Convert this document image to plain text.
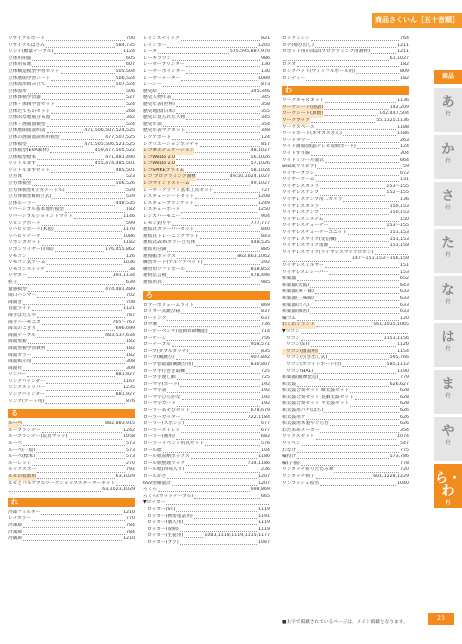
商品さくいん［五十音順］
リサイクルボード	700
リサイクルはさみ	584,735
リジイ(糖量テーブル)	1124
立体用胡面	605
立体用布地	607
立体構造模型学習セット	505,504
立体展開学習シート	506,524
立体図形組み立て	507,524
立体図形	506
立体体積学習器	527
立体・体積学習セット	524
立体たてものセット	268
立体的な地層分布図	342
立体・展開図模型	524
立体展開図説明書	471,506,507,524,525
立体の展開図説明用模型	477,507,525
立体模型	471,505,506,523,525
立体模型(EVA素材)	459,477,505,522
立体模型標本	471,481,490
リットルます	455,474,485,501
リットルますセット	485,501
立方体	523
立方体模型	506,526
立方体模型Ⅰ(立方メートル)	529
立方体模型Ⅱ(組立式)	529
立体ルーラー	448,535
リバーシブル基本地形模型	182
リバーシブルジョイントマット	1146
リビングボード	599
リハビリボード(木製)	1170
リハビリテープ	1086
リボンカセット	1182
リボンワイヤー(市販)	176,455,862
リモコン	126
リモコン式ゲーム	1036
リモコンスイッチ	38
リヤカー	391,1134
粒子	639
量感模型	474,481,489
両口ハンマー	702
両開き	708
良能ライト	1121
両手ぼたんや	787
両手ハーモニカ	765〜767
両耳のこぎり	696,699
両面テーブル	483,537,634
両面黒板	182
両面黒板学習教材	182
両面カラー	182
両面掲示用	308
両面付	309
リンパー	881,927
リングバインダー	1167
リングストッパー	1235
リングバインダー	881,927
リング(アート用)	876
る
ルーペ	882,883,915
ループランナー	1242
ループランナー(玩具マット)	1058
ルーペ	573
ルーペ(一般)	573
ルーペ(標本)	573
ルーレット	270
ルックスボー	792
ルビの投影用	63,1029
ルビとパルケブルワークショップスターターキット
63,1023,1029
れ
冷却フィルター	1210
レイカラー	770
冷凍庫	784
冷凍庫	784
冷蔵庫	1210
レインスティック	821
レインボー	1205
レーキ	575,595,887,970
レーキラワン	986
レーザーブリンター	130
レーザーポインター	130
レーザーメーター	1089
レーシー	873
歴史絵	345,346
歴史人物年表	345
歴史年表(世界)	358
歴史地図(日本)	355
歴史に見られた人物	345
歴史年表	354
歴史年表マグネット	348
レクアボード	124
レクリエーションポッチャ	817
レゴ®エデュケーション	48,1027
レゴWeDo 2.0	56,1026
レゴWeDo 2.0	57,1026
レゴSPIKEプライム	58,1024
レゴ プログラミング教材	49,50,1024,1027
レゴマインドストーム	49,1027
レーザークラフト基本工具セット	727
レスキューシートセット	1208
レスキューブランケット	1249
レスキューボード	1250
レンズハーモニー	904
レモン釣り竿	777,777
連結式カラーバーセット	840
連結式トレーニングマット	843
連結式2cmカラー立方体	448,535
連結用分銅	885
連絡帳ボックス	862,863,1062
練習カード(アルファベット)	292
練習用ソフトボール	818,852
連続伝言板	478,496
連絡用具	985
ろ
ロアーボリュームライト	869
ロイター式跳び箱	837
ローイング	637
ロウ堰	736
ローゲーベンチ(電動昇降機能)	714
ローゲージ	756
ローテーブル	958,571
ロープ(ダブルダッチ)	835
ロープ(縄跳び)	907,842
ロープ巻取器(縄跳び用)	830,807
ロープ平行巻き取機	725
ロープ手渡し網	725
ローマ字(ボード)	192
ローマ字表	192
ローマ字ひらがな	192
ローマ字カード	192
ローラーあそびセット	678,679
ローラーカッター	722,1184
ローラー(スポンジ)	677
ローラーストレイ	677
ローラー(画用)	682
ローラーイベント用具セット	576
ロール紙	104
ロール紙収納ボックス	1186
ロール紙整理ラック	734,1186
ロール紙(四尋入り)	236
ロールかさ	1207
6SV型線量計	1207
ろくろ	698,869
ろくろ(ウッドテーブル)	665
▼ロッカー
ロッカー(ST)	1119
ロッカー(携帯電話用)	1191
ロッカー(個人用)	1119
ロッカー(収納)	1119
ロッカー(生徒用)	1083,1118,1119,1115,1177
ロッカー(ブラ)	1087
ロックミシン	764
ロデ(飛び出し)	1211
ロボット用の部品(プログラミング用教材)	1211
61,1027
ロメオ	182
ロングバット(ウィッフルボール用)	809
ロンディー	182
わ
ワークキャビネット	1136
ワークシート(国語)	142,209
ワークシート(算数)	142,447,504
ワークブック	55,1125,1136
ワークスペース	1188
ワードボード(ネオカスぎん)	1186
ワードタワー	263
ワイド画面(液晶テレビ収納ボード)	124
ワイドすり線	304
ワイドミラー片面式	664
wixia(ワイビア)	59
ワイヤーブラシ	672
ワイヤーゲーム	131
ワイヤレスカメラ	153〜155
ワイヤレスアンプ	152〜155
ワイヤレスアンプ用二カメラ	136
ワイヤレスカメラ	150,153
ワイヤレスアンプ	150,153
ワイヤレスシステム	150
ワイヤレスチューナー	153〜155
ワイヤレスチューナーユニット	151,153
ワイヤレスマイク(受信機)	151,153
ワイヤレスマイク電源	153,159
ワイヤレスマイク(ワイヤレスマイクロホン)
147〜151,153〜156,159
ワイヤレスミキサー	151
ワイヤレスレシーバー	153
和楽器	652
和楽器(太鼓)	643
和楽器(箏・篠)	633
和楽器(三味線)	633
和楽器(尺八)	633
和楽器(篠笛)	633
輪ゴム	120
わくわくランド	561,1035,1065
▼ワゴン
ワゴン	1151,1156
ワゴン(ST)	1120
ワゴン(図書用)	1154
ワゴン(引き出し式)	595,766
ワゴン(ホワイトボード付)	585,1112
ワゴン(HAL)	1190
和楽器(薩摩琵琶)	779
和太鼓	626,627
和太鼓合奏セット 締太鼓セット	628
和太鼓合奏セット 長胴太鼓セット	628
和太鼓合奏セット 平太鼓セット	628
和太鼓用バチ(ばち)	626
和太鼓用ケ	626
和太鼓用木製やぐら台	626
わたあめメーカー	354
ワックスセット	1074
ワッペン	547
わなげ	775
輪投げ	573,786
輪(子猫)	778
ワンタッチ折りたたみ傘	720
ワンタッチ椅子	601,1228,1229
ワンプッシュ仮名	1040
商品
あ
行
か
行
さ
行
た
行
な
行
は
行
ま
行
や
行
ら・わ
行
■太字で掲載されているページは、メイン掲載となります。
23
